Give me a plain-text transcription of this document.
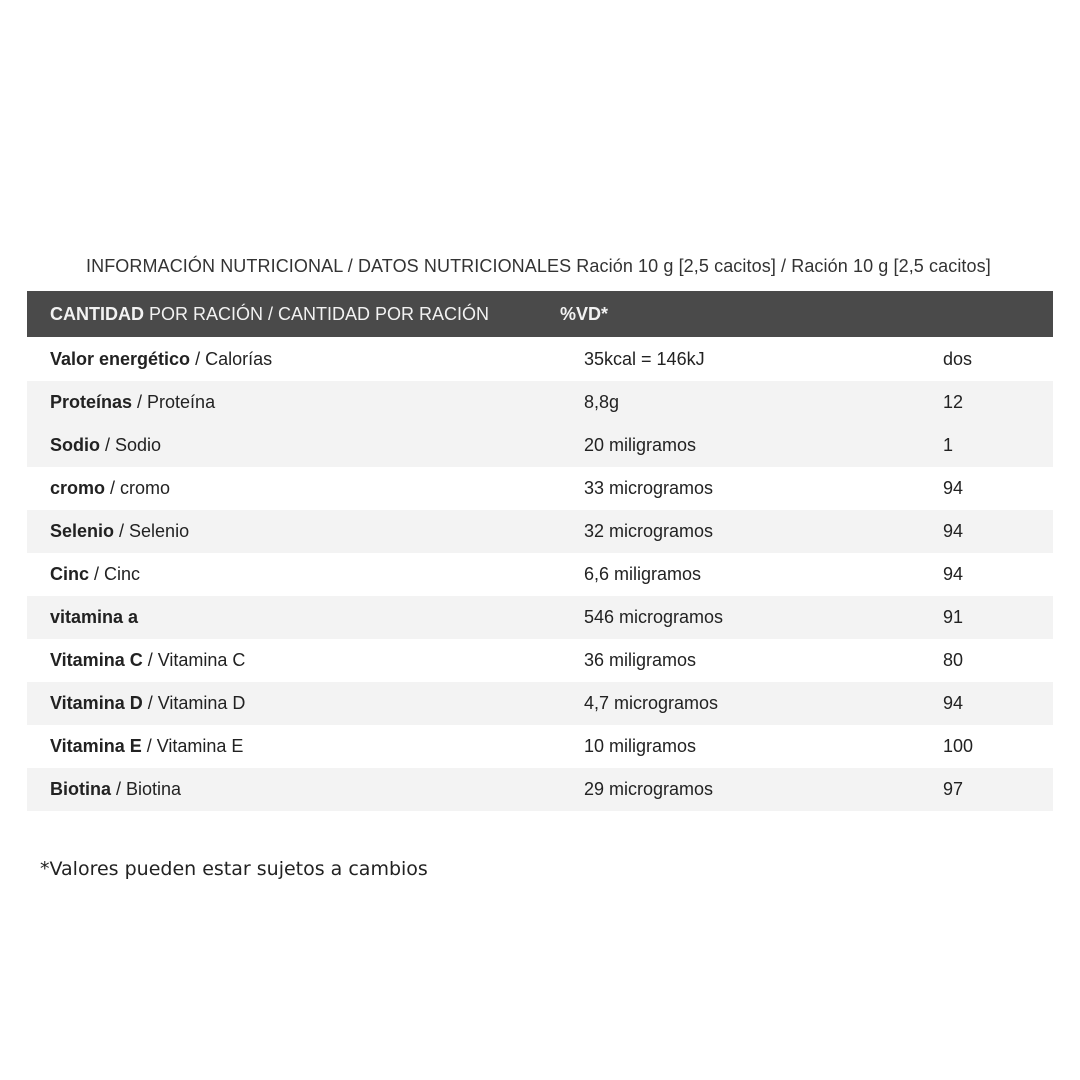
INFORMACIÓN NUTRICIONAL / DATOS NUTRICIONALES Ración 10 g [2,5 cacitos] / Ración 10 g [2,5 cacitos]
CANTIDAD POR RACIÓN / CANTIDAD POR RACIÓN	%VD*
Valor energético / Calorías	35kcal = 146kJ	dos
Proteínas / Proteína	8,8g	12
Sodio / Sodio	20 miligramos	1
cromo / cromo	33 microgramos	94
Selenio / Selenio	32 microgramos	94
Cinc / Cinc	6,6 miligramos	94
vitamina a	546 microgramos	91
Vitamina C / Vitamina C	36 miligramos	80
Vitamina D / Vitamina D	4,7 microgramos	94
Vitamina E / Vitamina E	10 miligramos	100
Biotina / Biotina	29 microgramos	97
*Valores pueden estar sujetos a cambios
